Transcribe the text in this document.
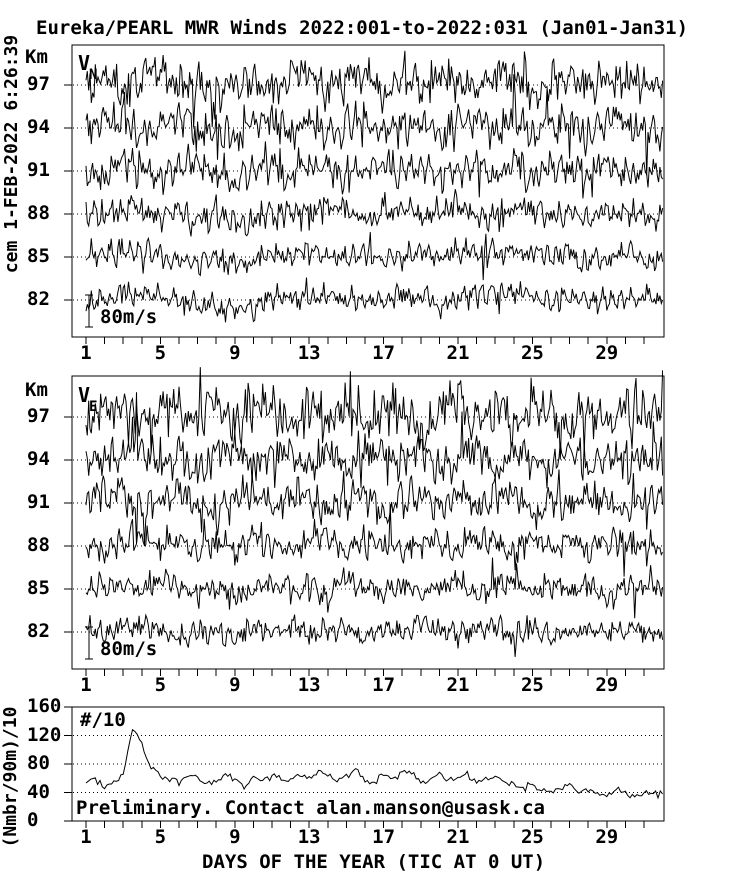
Eureka/PEARL MWR Winds 2022:001-to-2022:031 (Jan01-Jan31)
cem 1-FEB-2022 6:26:39 Km
Km
$V_N$
$V_E$
80m/s
80m/s
#/10
Preliminary. Contact alan.manson@usask.ca
(Nmbr/90m)/10
DAYS OF THE YEAR (TIC AT 0 UT)
1	5	9	13	17	21	25	29
97
94
91
88
85
82
1	5	9	13	17	21	25	29
97
94
91
88
85
82
1	5	9	13	17	21	25	29
160
120
80
40
0
